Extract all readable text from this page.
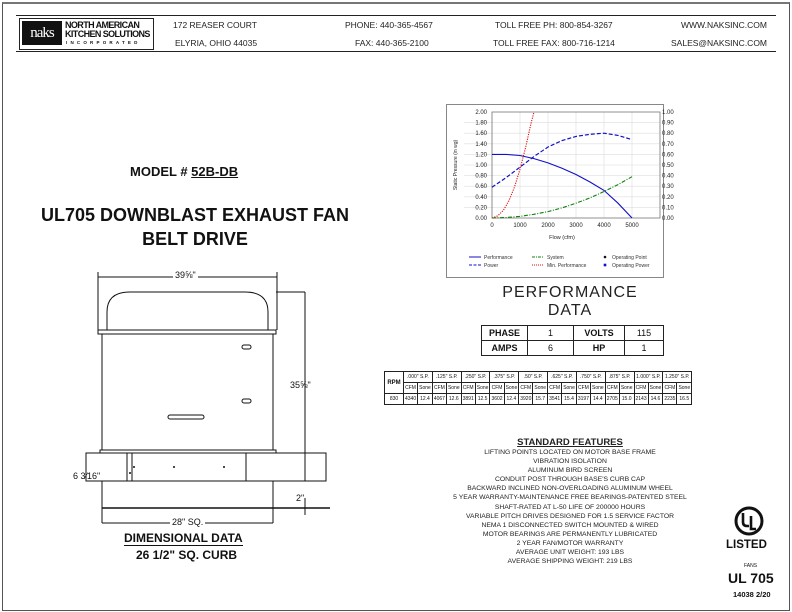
naks	NORTH AMERICAN
KITCHEN SOLUTIONS
INCORPORATED
172 REASER COURT
ELYRIA, OHIO 44035
PHONE: 440-365-4567
FAX: 440-365-2100
TOLL FREE PH: 800-854-3267
TOLL FREE FAX: 800-716-1214
WWW.NAKSINC.COM
SALES@NAKSINC.COM
MODEL # 52B-DB
UL705 DOWNBLAST EXHAUST FAN
BELT DRIVE
39⅝"
35⅝"
6 3⁄16"
2"
28" SQ.
DIMENSIONAL DATA
26 1/2" SQ. CURB
0.00
0.20
0.40
0.60
0.80
1.00
1.20
1.40
1.60
1.80
2.00
0.00
0.10
0.20
0.30
0.40
0.50
0.60
0.70
0.80
0.90
1.00
0	1000 2000 3000 4000 5000
Flow (cfm)
Static Pressure (in wg)
Performance
Power
System
Min. Performance
Operating Point
Operating Power
PERFORMANCE
DATA
PHASE	1	VOLTS	115
AMPS	6	HP	1
RPM	.000" S.P.		.125" S.P.		.250" S.P.		.375" S.P.		.50" S.P.		.625" S.P.		.750" S.P.		.875" S.P.		1.000" S.P.		1.250" S.P.	
	CFM	Sone	CFM	Sone	CFM	Sone	CFM	Sone	CFM	Sone	CFM	Sone	CFM	Sone	CFM	Sone	CFM	Sone	CFM	Sone
830	4340	12.4	4067	12.6	3891	12.5	3602	12.4	3920	15.7	3541	15.4	3197	14.4	2705	15.0	2143	14.6	2235	16.5
STANDARD FEATURES
LIFTING POINTS LOCATED ON MOTOR BASE FRAME
VIBRATION ISOLATION
ALUMINUM BIRD SCREEN
CONDUIT POST THROUGH BASE'S CURB CAP
BACKWARD INCLINED NON-OVERLOADING ALUMINUM WHEEL
5 YEAR WARRANTY-MAINTENANCE FREE BEARINGS-PATENTED STEEL
SHAFT-RATED AT L-50 LIFE OF 200000 HOURS
VARIABLE PITCH DRIVES DESIGNED FOR 1.5 SERVICE FACTOR
NEMA 1 DISCONNECTED SWITCH MOUNTED & WIRED
MOTOR BEARINGS ARE PERMANENTLY LUBRICATED
2 YEAR FAN/MOTOR WARRANTY
AVERAGE UNIT WEIGHT: 193 LBS
AVERAGE SHIPPING WEIGHT: 219 LBS
LISTED
FANS
UL 705
14038 2/20
